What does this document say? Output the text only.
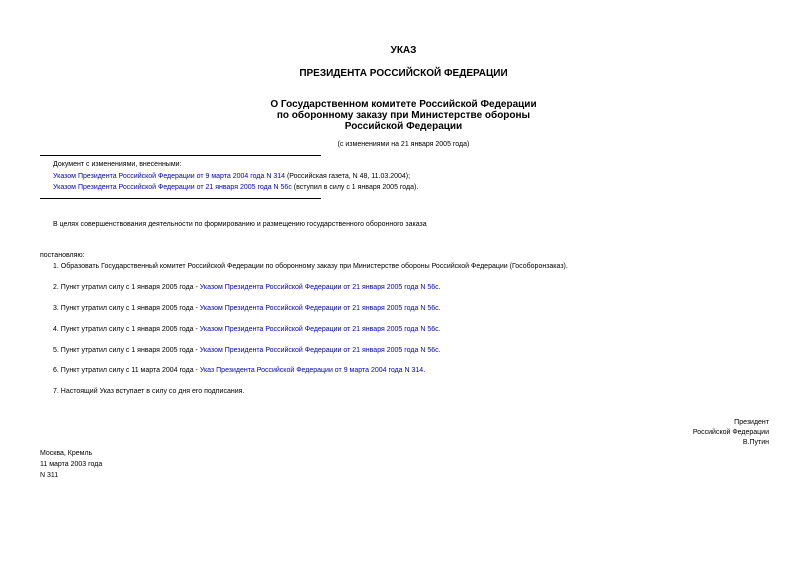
УКАЗ
ПРЕЗИДЕНТА РОССИЙСКОЙ ФЕДЕРАЦИИ
О Государственном комитете Российской Федерации
по оборонному заказу при Министерстве обороны
Российской Федерации
(с изменениями на 21 января 2005 года)
Документ с изменениями, внесенными:
Указом Президента Российской Федерации от 9 марта 2004 года N 314 (Российская газета, N 48, 11.03.2004);
Указом Президента Российской Федерации от 21 января 2005 года N 56с (вступил в силу с 1 января 2005 года).
В целях совершенствования деятельности по формированию и размещению государственного оборонного заказа
постановляю:
1. Образовать Государственный комитет Российской Федерации по оборонному заказу при Министерстве обороны Российской Федерации (Гособоронзаказ).
2. Пункт утратил силу с 1 января 2005 года - Указом Президента Российской Федерации от 21 января 2005 года N 56с.
3. Пункт утратил силу с 1 января 2005 года - Указом Президента Российской Федерации от 21 января 2005 года N 56с.
4. Пункт утратил силу с 1 января 2005 года - Указом Президента Российской Федерации от 21 января 2005 года N 56с.
5. Пункт утратил силу с 1 января 2005 года - Указом Президента Российской Федерации от 21 января 2005 года N 56с.
6. Пункт утратил силу с 11 марта 2004 года - Указ Президента Российской Федерации от 9 марта 2004 года N 314.
7. Настоящий Указ вступает в силу со дня его подписания.
Президент
Российской Федерации
В.Путин
Москва, Кремль
11 марта 2003 года
N 311
